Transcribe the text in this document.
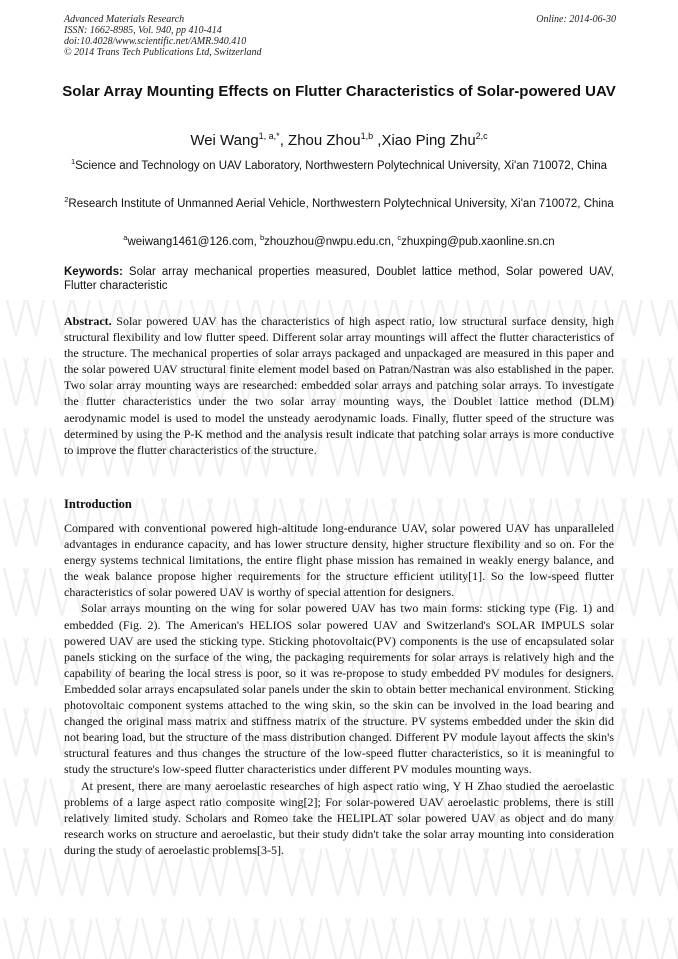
Advanced Materials Research
ISSN: 1662-8985, Vol. 940, pp 410-414
doi:10.4028/www.scientific.net/AMR.940.410
© 2014 Trans Tech Publications Ltd, Switzerland
Online: 2014-06-30
Solar Array Mounting Effects on Flutter Characteristics of Solar-powered UAV
Wei Wang$^{1, a,*}$, Zhou Zhou$^{1,b}$ ,Xiao Ping Zhu$^{2,c}$
$^1$Science and Technology on UAV Laboratory, Northwestern Polytechnical University, Xi'an 710072, China
$^2$Research Institute of Unmanned Aerial Vehicle, Northwestern Polytechnical University, Xi'an 710072, China
$^a$weiwang1461@126.com, $^b$zhouzhou@nwpu.edu.cn, $^c$zhuxping@pub.xaonline.sn.cn
Keywords: Solar array mechanical properties measured, Doublet lattice method, Solar powered UAV, Flutter characteristic

Abstract. Solar powered UAV has the characteristics of high aspect ratio, low structural surface density, high structural flexibility and low flutter speed. Different solar array mountings will affect the flutter characteristics of the structure. The mechanical properties of solar arrays packaged and unpackaged are measured in this paper and the solar powered UAV structural finite element model based on Patran/Nastran was also established in the paper. Two solar array mounting ways are researched: embedded solar arrays and patching solar arrays. To investigate the flutter characteristics under the two solar array mounting ways, the Doublet lattice method (DLM) aerodynamic model is used to model the unsteady aerodynamic loads. Finally, flutter speed of the structure was determined by using the P-K method and the analysis result indicate that patching solar arrays is more conductive to improve the flutter characteristics of the structure.

Introduction

Compared with conventional powered high-altitude long-endurance UAV, solar powered UAV has unparalleled advantages in endurance capacity, and has lower structure density, higher structure flexibility and so on. For the energy systems technical limitations, the entire flight phase mission has remained in weakly energy balance, and the weak balance propose higher requirements for the structure efficient utility[1]. So the low-speed flutter characteristics of solar powered UAV is worthy of special attention for designers.

Solar arrays mounting on the wing for solar powered UAV has two main forms: sticking type (Fig. 1) and embedded (Fig. 2). The American's HELIOS solar powered UAV and Switzerland's SOLAR IMPULS solar powered UAV are used the sticking type. Sticking photovoltaic(PV) components is the use of encapsulated solar panels sticking on the surface of the wing, the packaging requirements for solar arrays is relatively high and the capability of bearing the local stress is poor, so it was re-propose to study embedded PV modules for designers. Embedded solar arrays encapsulated solar panels under the skin to obtain better mechanical environment. Sticking photovoltaic component systems attached to the wing skin, so the skin can be involved in the load bearing and changed the original mass matrix and stiffness matrix of the structure. PV systems embedded under the skin did not bearing load, but the structure of the mass distribution changed. Different PV module layout affects the skin's structural features and thus changes the structure of the low-speed flutter characteristics, so it is meaningful to study the structure's low-speed flutter characteristics under different PV modules mounting ways.

At present, there are many aeroelastic researches of high aspect ratio wing, Y H Zhao studied the aeroelastic problems of a large aspect ratio composite wing[2]; For solar-powered UAV aeroelastic problems, there is still relatively limited study. Scholars and Romeo take the HELIPLAT solar powered UAV as object and do many research works on structure and aeroelastic, but their study didn't take the solar array mounting into consideration during the study of aeroelastic problems[3-5].
